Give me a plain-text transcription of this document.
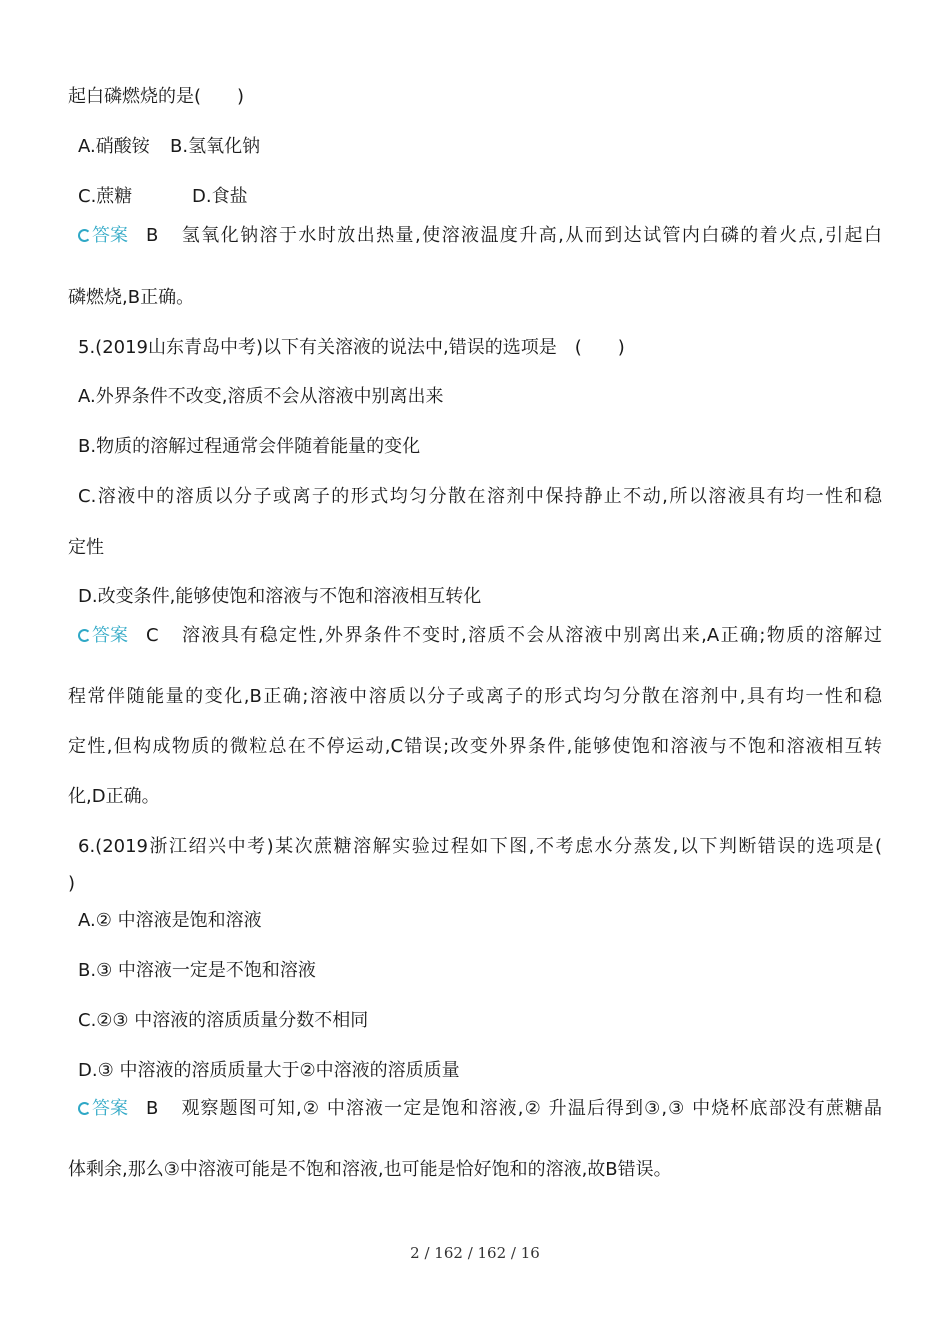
起白磷燃烧的是(　　)
A.硝酸铵 B.氢氧化钠
C.蔗糖	D.食盐
答案 B 氢氧化钠溶于水时放出热量,使溶液温度升高,从而到达试管内白磷的着火点,引起白
磷燃烧,B正确。
5.(2019山东青岛中考)以下有关溶液的说法中,错误的选项是　(　　)
A.外界条件不改变,溶质不会从溶液中别离出来
B.物质的溶解过程通常会伴随着能量的变化
C.溶液中的溶质以分子或离子的形式均匀分散在溶剂中保持静止不动,所以溶液具有均一性和稳
定性
D.改变条件,能够使饱和溶液与不饱和溶液相互转化
答案 C 溶液具有稳定性,外界条件不变时,溶质不会从溶液中别离出来,A正确;物质的溶解过
程常伴随能量的变化,B正确;溶液中溶质以分子或离子的形式均匀分散在溶剂中,具有均一性和稳
定性,但构成物质的微粒总在不停运动,C错误;改变外界条件,能够使饱和溶液与不饱和溶液相互转
化,D正确。
6.(2019浙江绍兴中考)某次蔗糖溶解实验过程如下图,不考虑水分蒸发,以下判断错误的选项是(
)
A.② 中溶液是饱和溶液
B.③ 中溶液一定是不饱和溶液
C.②③ 中溶液的溶质质量分数不相同
D.③ 中溶液的溶质质量大于②中溶液的溶质质量
答案 B 观察题图可知,② 中溶液一定是饱和溶液,② 升温后得到③,③ 中烧杯底部没有蔗糖晶
体剩余,那么③中溶液可能是不饱和溶液,也可能是恰好饱和的溶液,故B错误。
2 / 162 / 162 / 16
